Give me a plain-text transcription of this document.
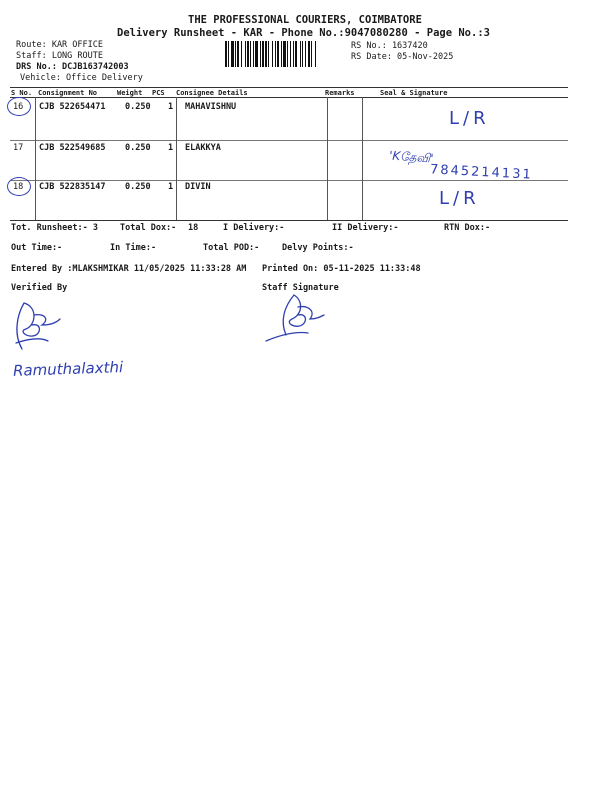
THE PROFESSIONAL COURIERS, COIMBATORE
Delivery Runsheet - KAR - Phone No.:9047080280 - Page No.:3
Route: KAR OFFICE
Staff: LONG ROUTE
DRS No.: DCJB163742003
Vehicle: Office Delivery
RS No.: 1637420
RS Date: 05-Nov-2025
S No. Consignment No	Weight PCS Consignee Details	Remarks	Seal & Signature
16 CJB 522654471 0.250 1 MAHAVISHNU
L/R
17 CJB 522549685 0.250 1 ELAKKYA
'Kதேவி'
7845214131
18 CJB 522835147 0.250 1 DIVIN
L/R
Tot. Runsheet:- 3	Total Dox:- 18	I Delivery:-	II Delivery:-	RTN Dox:-
Out Time:-	In Time:-	Total POD:-	Delvy Points:-
Entered By :MLAKSHMIKAR 11/05/2025 11:33:28 AM Printed On: 05-11-2025 11:33:48
Verified By	Staff Signature
Ramuthalaxthi
